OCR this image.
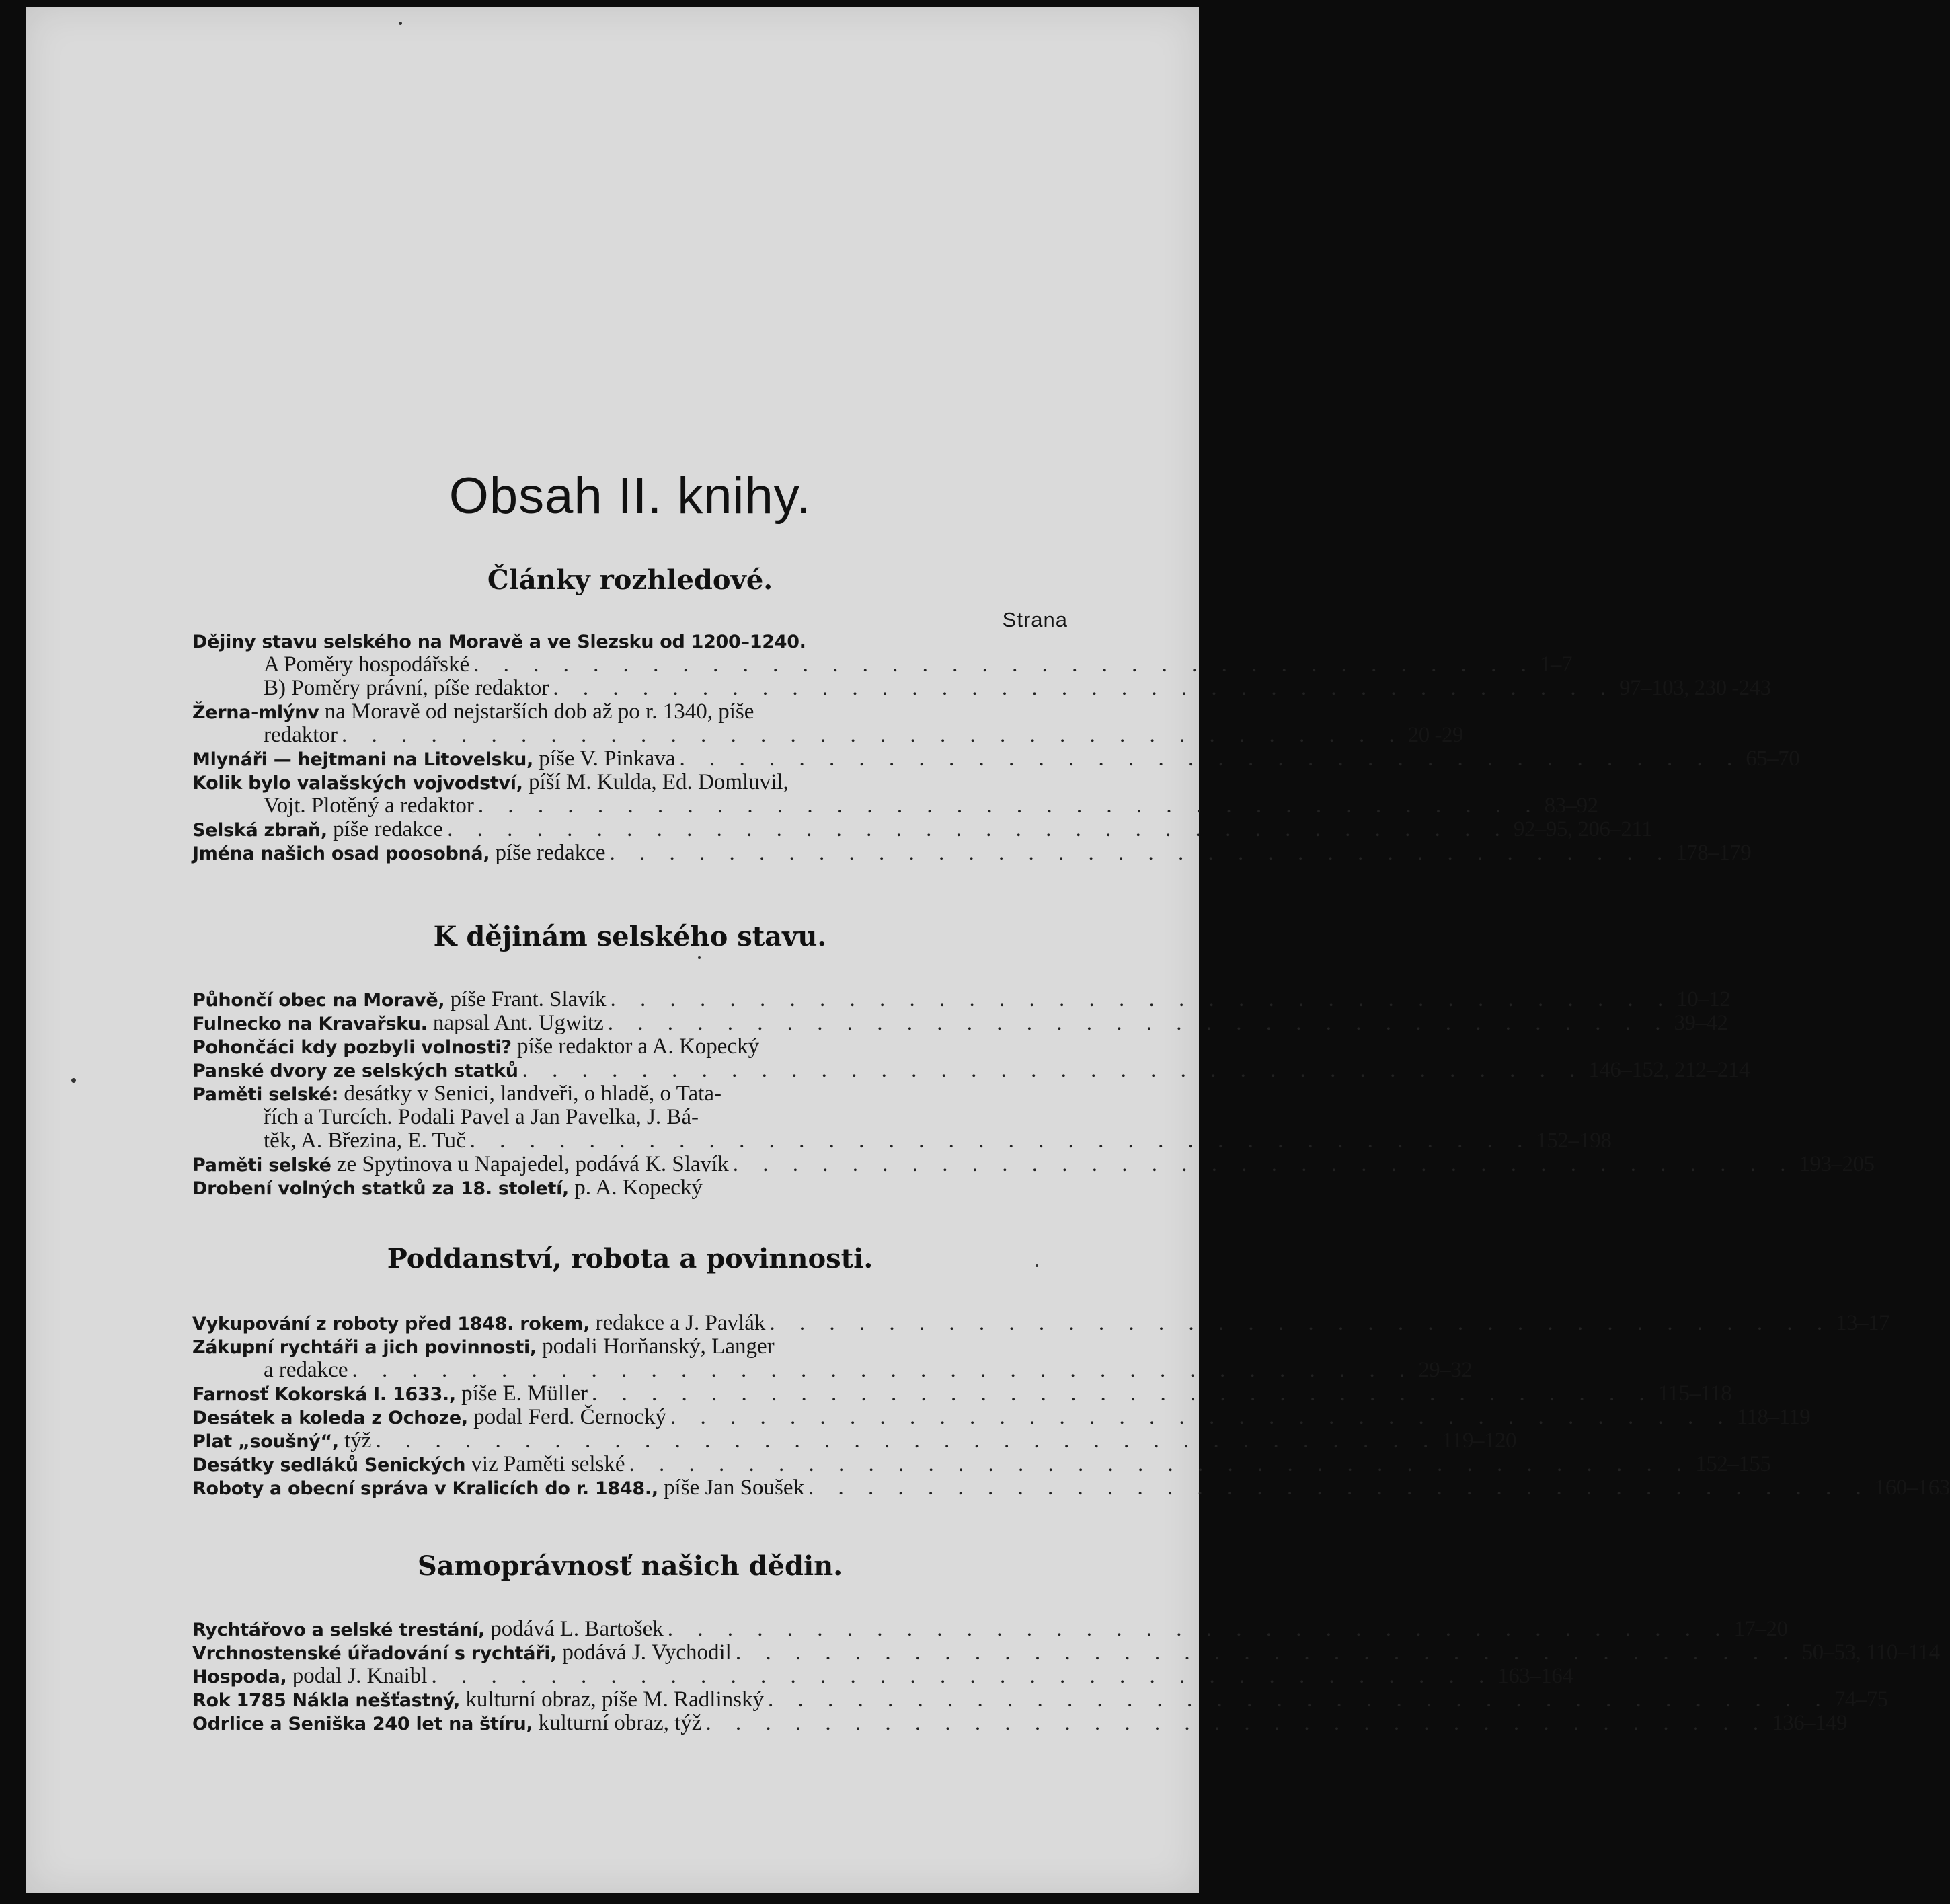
Obsah II. knihy.
Strana
Články rozhledové.
Dějiny stavu selského na Moravě a ve Slezsku od 1200–1240.
A Poměry hospodářské . . . . . . . . . . . . . . . . . . . . . . . . . . . . . . . . . . . . 1–7
B) Poměry právní, píše redaktor . . . . . . . . . . . . . . . . . . . . . . . . . . . . . . . . . . . . 97–103, 230 -243
Žerna-mlýnv na Moravě od nejstarších dob až po r. 1340, píše
redaktor . . . . . . . . . . . . . . . . . . . . . . . . . . . . . . . . . . . . 20 -29
Mlynáři — hejtmani na Litovelsku, píše V. Pinkava . . . . . . . . . . . . . . . . . . . . . . . . . . . . . . . . . . . . 65–70
Kolik bylo valašských vojvodství, píší M. Kulda, Ed. Domluvil,
Vojt. Plotěný a redaktor . . . . . . . . . . . . . . . . . . . . . . . . . . . . . . . . . . . . 83–92
Selská zbraň, píše redakce . . . . . . . . . . . . . . . . . . . . . . . . . . . . . . . . . . . . 92–95, 206–211
Jména našich osad poosobná, píše redakce . . . . . . . . . . . . . . . . . . . . . . . . . . . . . . . . . . . . 178–179
K dějinám selského stavu.
Půhončí obec na Moravě, píše Frant. Slavík . . . . . . . . . . . . . . . . . . . . . . . . . . . . . . . . . . . . 10–12
Fulnecko na Kravařsku. napsal Ant. Ugwitz . . . . . . . . . . . . . . . . . . . . . . . . . . . . . . . . . . . . 39–42
Pohončáci kdy pozbyli volnosti? píše redaktor a A. Kopecký
Panské dvory ze selských statků . . . . . . . . . . . . . . . . . . . . . . . . . . . . . . . . . . . . 146–152, 212–214
Paměti selské: desátky v Senici, landveři, o hladě, o Tata-
řích a Turcích. Podali Pavel a Jan Pavelka, J. Bá-
těk, A. Březina, E. Tuč . . . . . . . . . . . . . . . . . . . . . . . . . . . . . . . . . . . . 152–198
Paměti selské ze Spytinova u Napajedel, podává K. Slavík . . . . . . . . . . . . . . . . . . . . . . . . . . . . . . . . . . . . 193–205
Drobení volných statků za 18. století, p. A. Kopecký
Poddanství, robota a povinnosti.
Vykupování z roboty před 1848. rokem, redakce a J. Pavlák . . . . . . . . . . . . . . . . . . . . . . . . . . . . . . . . . . . . 13–17
Zákupní rychtáři a jich povinnosti, podali Horňanský, Langer
a redakce . . . . . . . . . . . . . . . . . . . . . . . . . . . . . . . . . . . . 29–32
Farnosť Kokorská I. 1633., píše E. Müller . . . . . . . . . . . . . . . . . . . . . . . . . . . . . . . . . . . . 115–118
Desátek a koleda z Ochoze, podal Ferd. Černocký . . . . . . . . . . . . . . . . . . . . . . . . . . . . . . . . . . . . 118–119
Plat „soušný“, týž . . . . . . . . . . . . . . . . . . . . . . . . . . . . . . . . . . . . 119–120
Desátky sedláků Senických viz Paměti selské . . . . . . . . . . . . . . . . . . . . . . . . . . . . . . . . . . . . 152–155
Roboty a obecní správa v Kralicích do r. 1848., píše Jan Soušek . . . . . . . . . . . . . . . . . . . . . . . . . . . . . . . . . . . . 160–163
Samoprávnosť našich dědin.
Rychtářovo a selské trestání, podává L. Bartošek . . . . . . . . . . . . . . . . . . . . . . . . . . . . . . . . . . . . 17–20
Vrchnostenské úřadování s rychtáři, podává J. Vychodil . . . . . . . . . . . . . . . . . . . . . . . . . . . . . . . . . . . . 50–53, 110–114
Hospoda, podal J. Knaibl . . . . . . . . . . . . . . . . . . . . . . . . . . . . . . . . . . . . 163–164
Rok 1785 Nákla nešťastný, kulturní obraz, píše M. Radlinský . . . . . . . . . . . . . . . . . . . . . . . . . . . . . . . . . . . . 74–75
Odrlice a Seniška 240 let na štíru, kulturní obraz, týž . . . . . . . . . . . . . . . . . . . . . . . . . . . . . . . . . . . . 136–149
